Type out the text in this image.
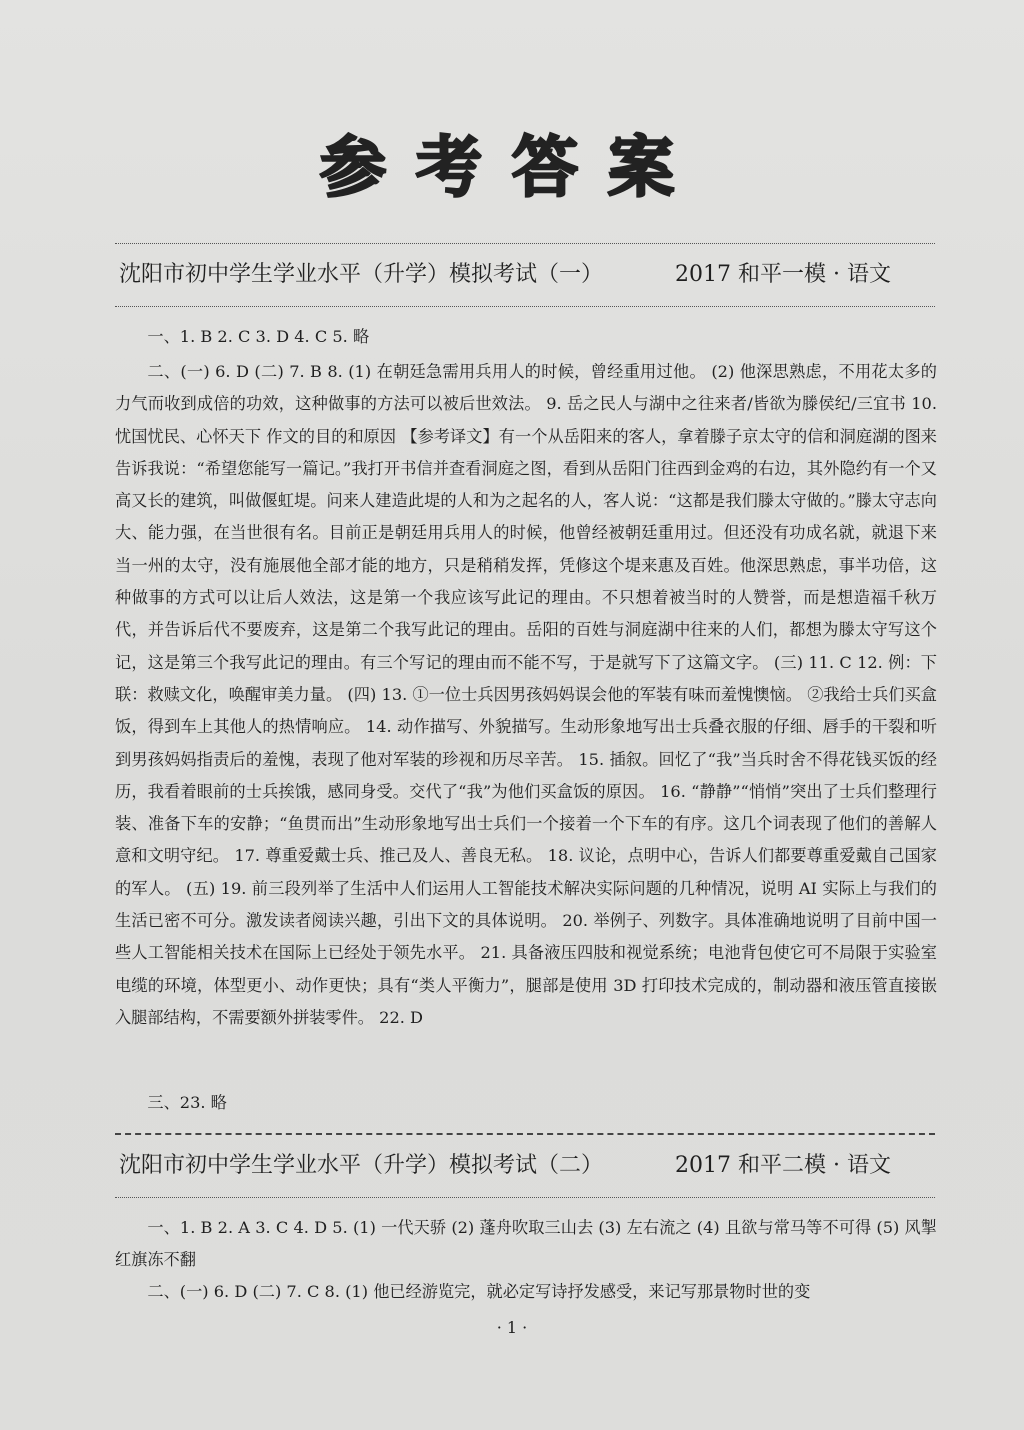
参考答案
沈阳市初中学生学业水平（升学）模拟考试（一）	2017 和平一模 · 语文

一、1. B 2. C 3. D 4. C 5. 略

二、(一) 6. D (二) 7. B 8. (1) 在朝廷急需用兵用人的时候，曾经重用过他。 (2) 他深思熟虑，不用花太多的力气而收到成倍的功效，这种做事的方法可以被后世效法。 9. 岳之民人与湖中之往来者/皆欲为滕侯纪/三宜书 10. 忧国忧民、心怀天下 作文的目的和原因 【参考译文】有一个从岳阳来的客人，拿着滕子京太守的信和洞庭湖的图来告诉我说：“希望您能写一篇记。”我打开书信并查看洞庭之图，看到从岳阳门往西到金鸡的右边，其外隐约有一个又高又长的建筑，叫做偃虹堤。问来人建造此堤的人和为之起名的人，客人说：“这都是我们滕太守做的。”滕太守志向大、能力强，在当世很有名。目前正是朝廷用兵用人的时候，他曾经被朝廷重用过。但还没有功成名就，就退下来当一州的太守，没有施展他全部才能的地方，只是稍稍发挥，凭修这个堤来惠及百姓。他深思熟虑，事半功倍，这种做事的方式可以让后人效法，这是第一个我应该写此记的理由。不只想着被当时的人赞誉，而是想造福千秋万代，并告诉后代不要废弃，这是第二个我写此记的理由。岳阳的百姓与洞庭湖中往来的人们，都想为滕太守写这个记，这是第三个我写此记的理由。有三个写记的理由而不能不写，于是就写下了这篇文字。 (三) 11. C 12. 例：下联：救赎文化，唤醒审美力量。 (四) 13. ①一位士兵因男孩妈妈误会他的军装有味而羞愧懊恼。 ②我给士兵们买盒饭，得到车上其他人的热情响应。 14. 动作描写、外貌描写。生动形象地写出士兵叠衣服的仔细、唇手的干裂和听到男孩妈妈指责后的羞愧，表现了他对军装的珍视和历尽辛苦。 15. 插叙。回忆了“我”当兵时舍不得花钱买饭的经历，我看着眼前的士兵挨饿，感同身受。交代了“我”为他们买盒饭的原因。 16. “静静”“悄悄”突出了士兵们整理行装、准备下车的安静；“鱼贯而出”生动形象地写出士兵们一个接着一个下车的有序。这几个词表现了他们的善解人意和文明守纪。 17. 尊重爱戴士兵、推己及人、善良无私。 18. 议论，点明中心，告诉人们都要尊重爱戴自己国家的军人。 (五) 19. 前三段列举了生活中人们运用人工智能技术解决实际问题的几种情况，说明 AI 实际上与我们的生活已密不可分。激发读者阅读兴趣，引出下文的具体说明。 20. 举例子、列数字。具体准确地说明了目前中国一些人工智能相关技术在国际上已经处于领先水平。 21. 具备液压四肢和视觉系统；电池背包使它可不局限于实验室电缆的环境，体型更小、动作更快；具有“类人平衡力”，腿部是使用 3D 打印技术完成的，制动器和液压管直接嵌入腿部结构，不需要额外拼装零件。 22. D

三、23. 略

沈阳市初中学生学业水平（升学）模拟考试（二）	2017 和平二模 · 语文

一、1. B 2. A 3. C 4. D 5. (1) 一代天骄 (2) 蓬舟吹取三山去 (3) 左右流之 (4) 且欲与常马等不可得 (5) 风掣红旗冻不翻

二、(一) 6. D (二) 7. C 8. (1) 他已经游览完，就必定写诗抒发感受，来记写那景物时世的变

· 1 ·
